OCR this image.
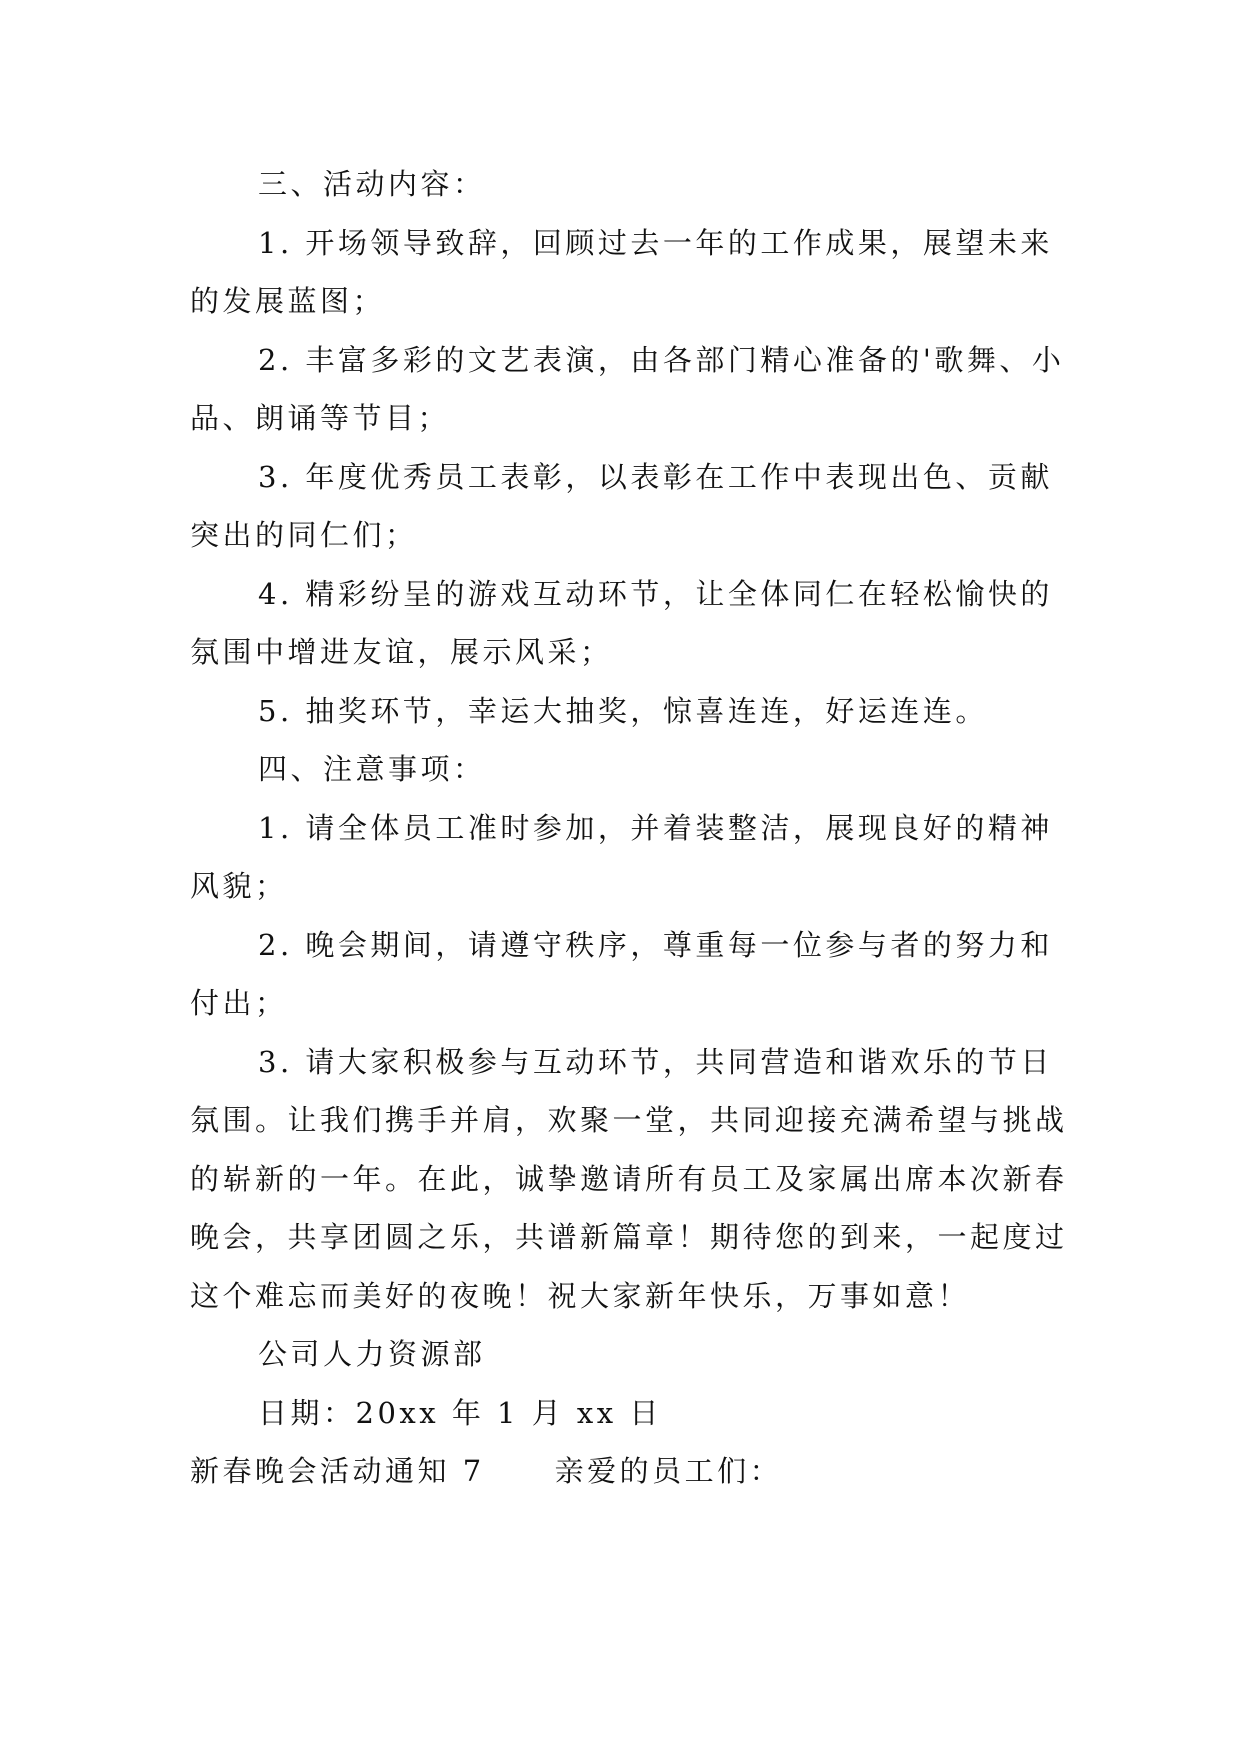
三、活动内容：

1. 开场领导致辞，回顾过去一年的工作成果，展望未来的发展蓝图；

2. 丰富多彩的文艺表演，由各部门精心准备的'歌舞、小品、朗诵等节目；

3. 年度优秀员工表彰，以表彰在工作中表现出色、贡献突出的同仁们；

4. 精彩纷呈的游戏互动环节，让全体同仁在轻松愉快的氛围中增进友谊，展示风采；

5. 抽奖环节，幸运大抽奖，惊喜连连，好运连连。

四、注意事项：

1. 请全体员工准时参加，并着装整洁，展现良好的精神风貌；

2. 晚会期间，请遵守秩序，尊重每一位参与者的努力和付出；

3. 请大家积极参与互动环节，共同营造和谐欢乐的节日氛围。让我们携手并肩，欢聚一堂，共同迎接充满希望与挑战的崭新的一年。在此，诚挚邀请所有员工及家属出席本次新春晚会，共享团圆之乐，共谱新篇章！期待您的到来，一起度过这个难忘而美好的夜晚！祝大家新年快乐，万事如意！

公司人力资源部

日期：20xx 年 1 月 xx 日

新春晚会活动通知 7 亲爱的员工们：
